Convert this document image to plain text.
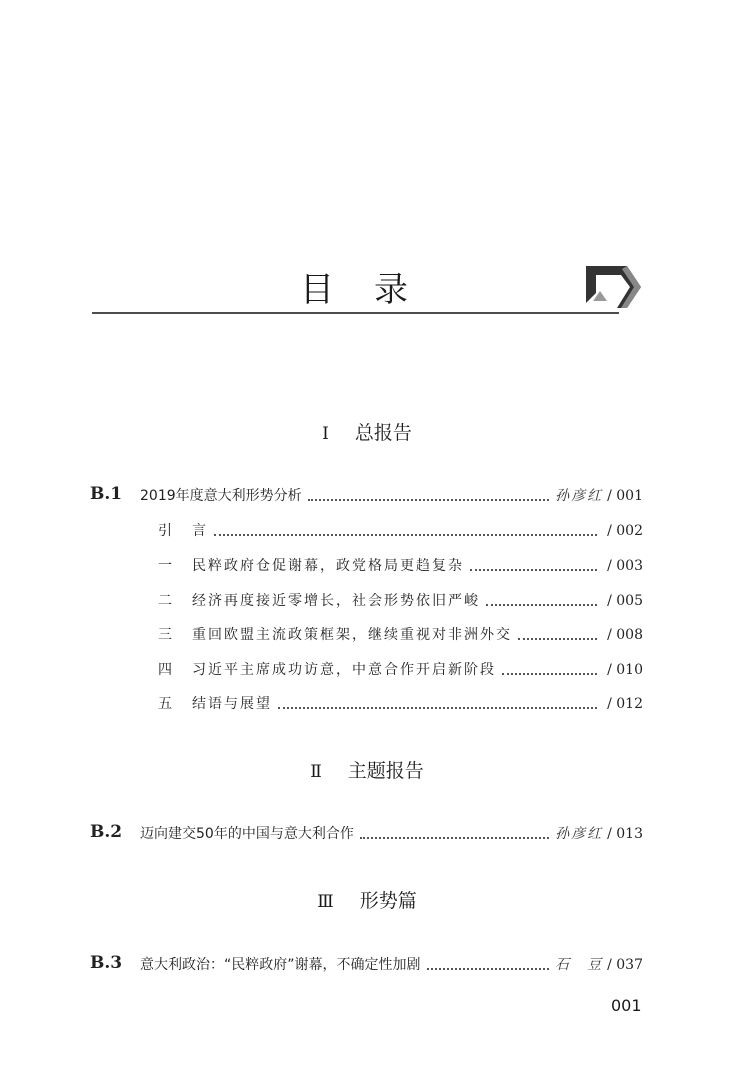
目录
Ⅰ 总报告
B.1 2019年度意大利形势分析	孙彦红 / 001
引 言	/ 002
一 民粹政府仓促谢幕，政党格局更趋复杂	/ 003
二 经济再度接近零增长，社会形势依旧严峻	/ 005
三 重回欧盟主流政策框架，继续重视对非洲外交	/ 008
四 习近平主席成功访意，中意合作开启新阶段	/ 010
五 结语与展望	/ 012
Ⅱ 主题报告
B.2 迈向建交50年的中国与意大利合作	孙彦红 / 013
Ⅲ 形势篇
B.3 意大利政治：“民粹政府”谢幕，不确定性加剧	石　豆 / 037
001
